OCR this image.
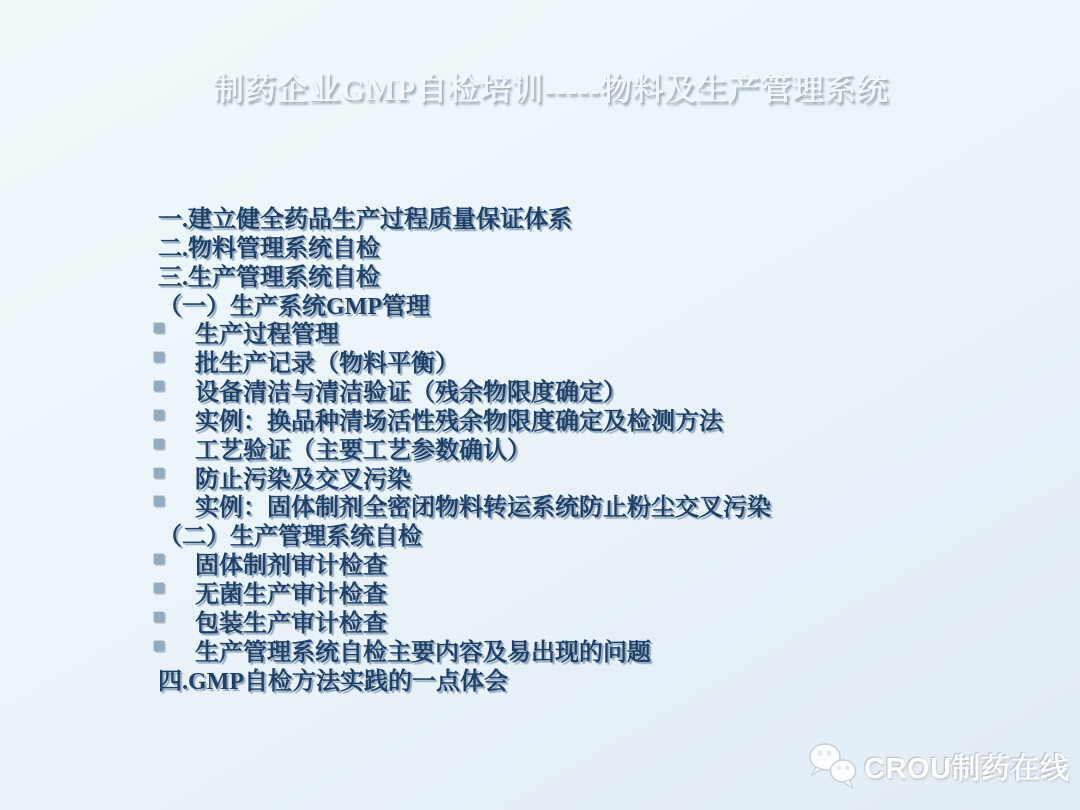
制药企业GMP自检培训-----物料及生产管理系统
一.建立健全药品生产过程质量保证体系
二.物料管理系统自检
三.生产管理系统自检
（一）生产系统GMP管理
生产过程管理
批生产记录（物料平衡）
设备清洁与清洁验证（残余物限度确定）
实例：换品种清场活性残余物限度确定及检测方法
工艺验证（主要工艺参数确认）
防止污染及交叉污染
实例：固体制剂全密闭物料转运系统防止粉尘交叉污染
（二）生产管理系统自检
固体制剂审计检查
无菌生产审计检查
包装生产审计检查
生产管理系统自检主要内容及易出现的问题
四.GMP自检方法实践的一点体会
CROU制药在线
